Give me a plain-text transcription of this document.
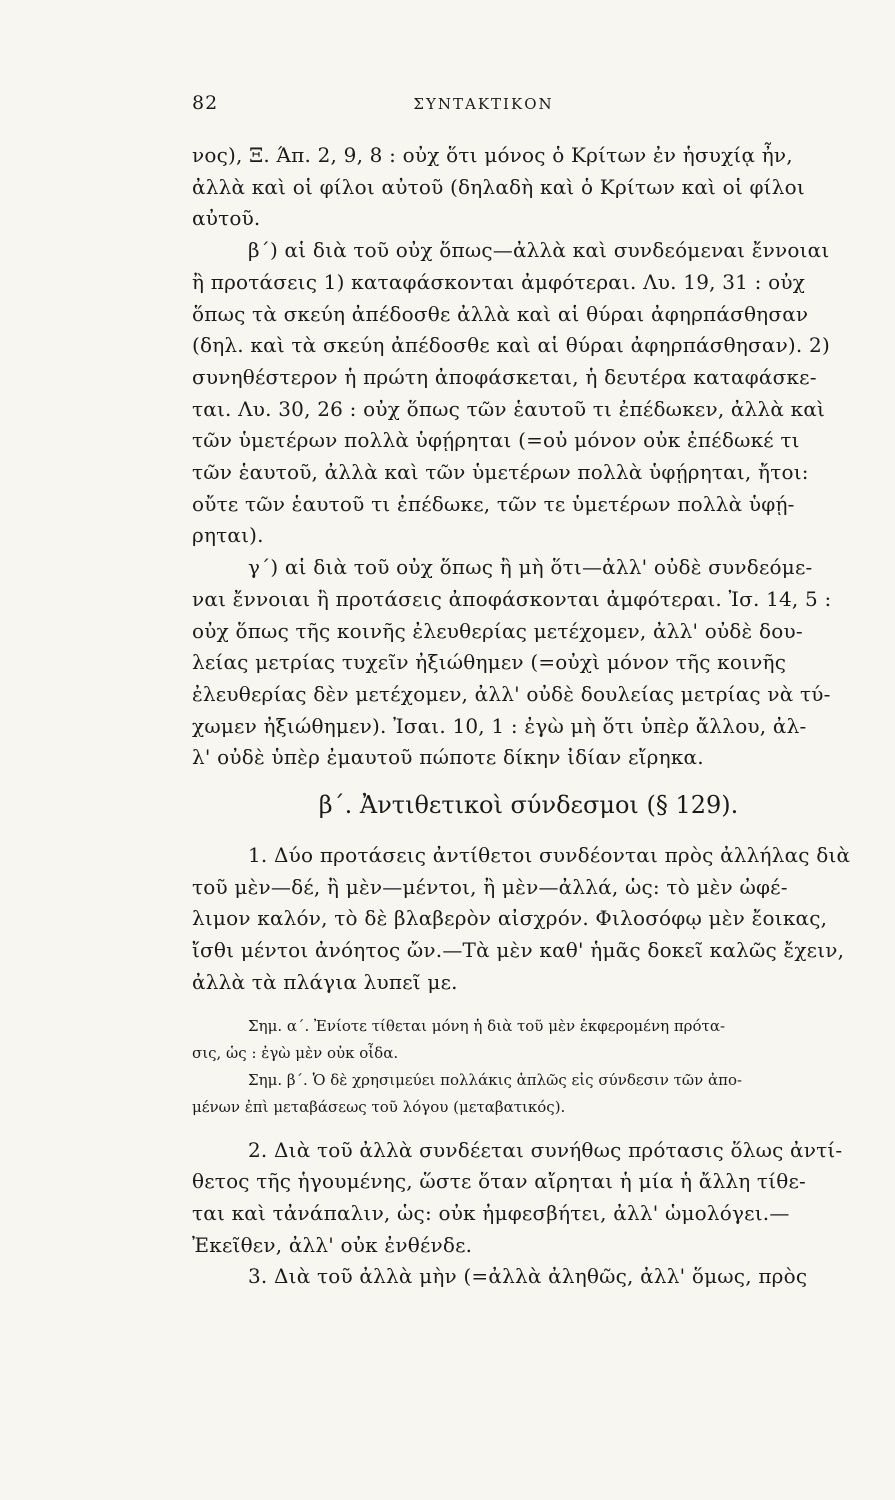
82	ΣΥΝΤΑΚΤΙΚΟΝ
νος), Ξ. Άπ. 2, 9, 8 : οὐχ ὅτι μόνος ὁ Κρίτων ἐν ἡσυχίᾳ ἦν,
ἀλλὰ καὶ οἱ φίλοι αὐτοῦ (δηλαδὴ καὶ ὁ Κρίτων καὶ οἱ φίλοι
αὐτοῦ.
β΄) αἱ διὰ τοῦ οὐχ ὅπως—ἀλλὰ καὶ συνδεόμεναι ἔννοιαι
ἢ προτάσεις 1) καταφάσκονται ἀμφότεραι. Λυ. 19, 31 : οὐχ
ὅπως τὰ σκεύη ἀπέδοσθε ἀλλὰ καὶ αἱ θύραι ἀφηρπάσθησαν
(δηλ. καὶ τὰ σκεύη ἀπέδοσθε καὶ αἱ θύραι ἀφηρπάσθησαν). 2)
συνηθέστερον ἡ πρώτη ἀποφάσκεται, ἡ δευτέρα καταφάσκε-
ται. Λυ. 30, 26 : οὐχ ὅπως τῶν ἑαυτοῦ τι ἐπέδωκεν, ἀλλὰ καὶ
τῶν ὑμετέρων πολλὰ ὑφῄρηται (=οὐ μόνον οὐκ ἐπέδωκέ τι
τῶν ἑαυτοῦ, ἀλλὰ καὶ τῶν ὑμετέρων πολλὰ ὑφῄρηται, ἤτοι:
οὔτε τῶν ἑαυτοῦ τι ἐπέδωκε, τῶν τε ὑμετέρων πολλὰ ὑφῄ-
ρηται).
γ΄) αἱ διὰ τοῦ οὐχ ὅπως ἢ μὴ ὅτι—ἀλλ' οὐδὲ συνδεόμε-
ναι ἔννοιαι ἢ προτάσεις ἀποφάσκονται ἀμφότεραι. Ἰσ. 14, 5 :
οὐχ ὅπως τῆς κοινῆς ἐλευθερίας μετέχομεν, ἀλλ' οὐδὲ δου-
λείας μετρίας τυχεῖν ἠξιώθημεν (=οὐχὶ μόνον τῆς κοινῆς
ἐλευθερίας δὲν μετέχομεν, ἀλλ' οὐδὲ δουλείας μετρίας νὰ τύ-
χωμεν ἠξιώθημεν). Ἰσαι. 10, 1 : ἐγὼ μὴ ὅτι ὑπὲρ ἄλλου, ἀλ-
λ' οὐδὲ ὑπὲρ ἐμαυτοῦ πώποτε δίκην ἰδίαν εἴρηκα.
β΄. Ἀντιθετικοὶ σύνδεσμοι (§ 129).
1. Δύο προτάσεις ἀντίθετοι συνδέονται πρὸς ἀλλήλας διὰ
τοῦ μὲν—δέ, ἢ μὲν—μέντοι, ἢ μὲν—ἀλλά, ὡς: τὸ μὲν ὠφέ-
λιμον καλόν, τὸ δὲ βλαβερὸν αἰσχρόν. Φιλοσόφῳ μὲν ἔοικας,
ἴσθι μέντοι ἀνόητος ὤν.—Τὰ μὲν καθ' ἡμᾶς δοκεῖ καλῶς ἔχειν,
ἀλλὰ τὰ πλάγια λυπεῖ με.
Σημ. α΄. Ἐνίοτε τίθεται μόνη ἡ διὰ τοῦ μὲν ἐκφερομένη πρότα-
σις, ὡς : ἐγὼ μὲν οὐκ οἶδα.
Σημ. β΄. Ὁ δὲ χρησιμεύει πολλάκις ἁπλῶς εἰς σύνδεσιν τῶν ἀπο-
μένων ἐπὶ μεταβάσεως τοῦ λόγου (μεταβατικός).
2. Διὰ τοῦ ἀλλὰ συνδέεται συνήθως πρότασις ὅλως ἀντί-
θετος τῆς ἡγουμένης, ὥστε ὅταν αἴρηται ἡ μία ἡ ἄλλη τίθε-
ται καὶ τἀνάπαλιν, ὡς: οὐκ ἠμφεσβήτει, ἀλλ' ὡμολόγει.—
Ἐκεῖθεν, ἀλλ' οὐκ ἐνθένδε.
3. Διὰ τοῦ ἀλλὰ μὴν (=ἀλλὰ ἀληθῶς, ἀλλ' ὅμως, πρὸς
